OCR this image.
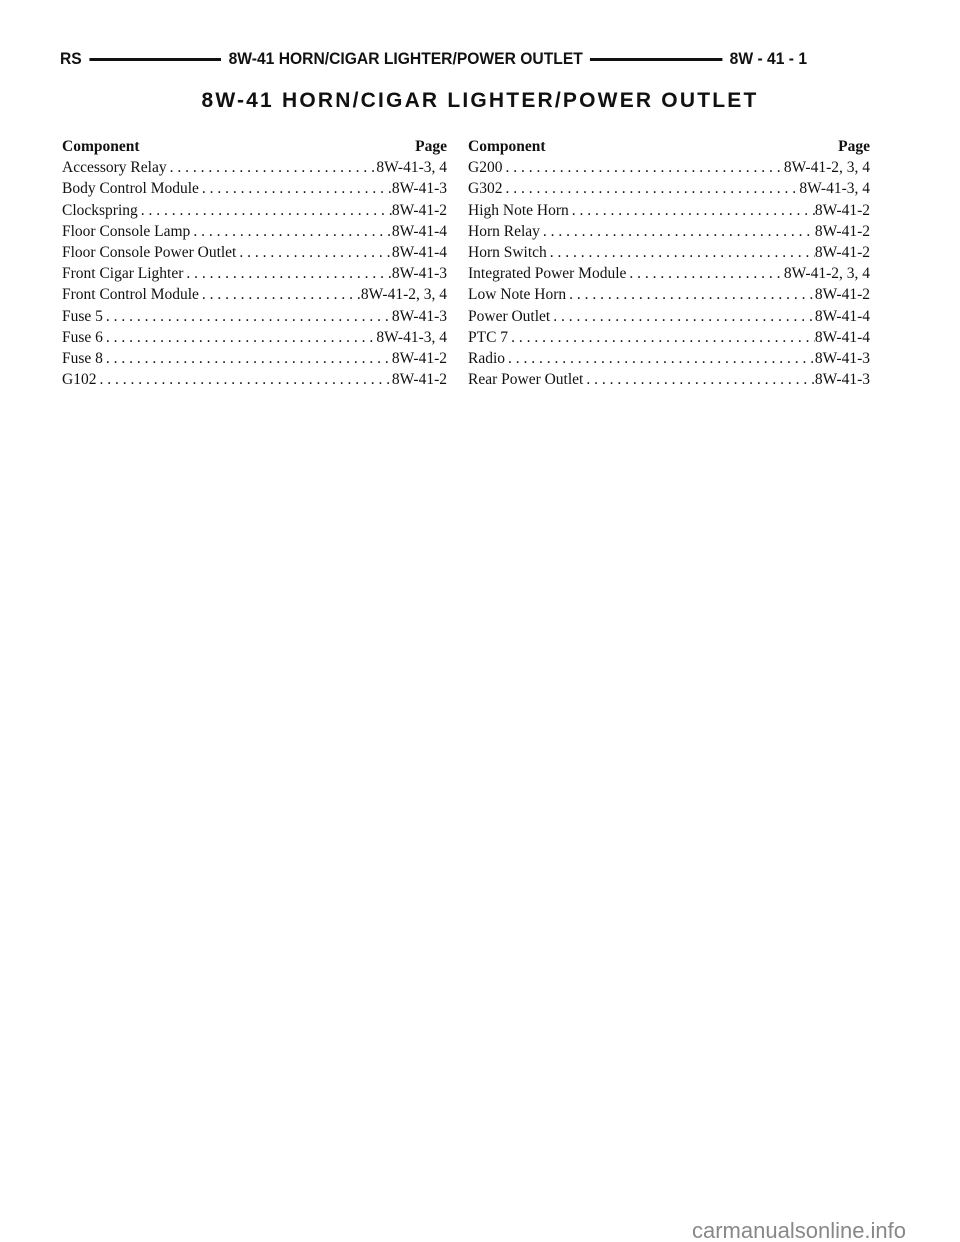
RS	8W-41 HORN/CIGAR LIGHTER/POWER OUTLET	8W - 41 - 1
8W-41 HORN/CIGAR LIGHTER/POWER OUTLET
Component	Page
Accessory Relay . . .	8W-41-3, 4
Body Control Module . . .	8W-41-3
Clockspring . . .	8W-41-2
Floor Console Lamp . . .	8W-41-4
Floor Console Power Outlet . . .	8W-41-4
Front Cigar Lighter . . .	8W-41-3
Front Control Module . . .	8W-41-2, 3, 4
Fuse 5 . . .	8W-41-3
Fuse 6 . . .	8W-41-3, 4
Fuse 8 . . .	8W-41-2
G102 . . .	8W-41-2
Component	Page
G200 . . .	8W-41-2, 3, 4
G302 . . .	8W-41-3, 4
High Note Horn . . .	8W-41-2
Horn Relay . . .	8W-41-2
Horn Switch . . .	8W-41-2
Integrated Power Module . . .	8W-41-2, 3, 4
Low Note Horn . . .	8W-41-2
Power Outlet . . .	8W-41-4
PTC 7 . . .	8W-41-4
Radio . . .	8W-41-3
Rear Power Outlet . . .	8W-41-3
carmanualsonline.info
